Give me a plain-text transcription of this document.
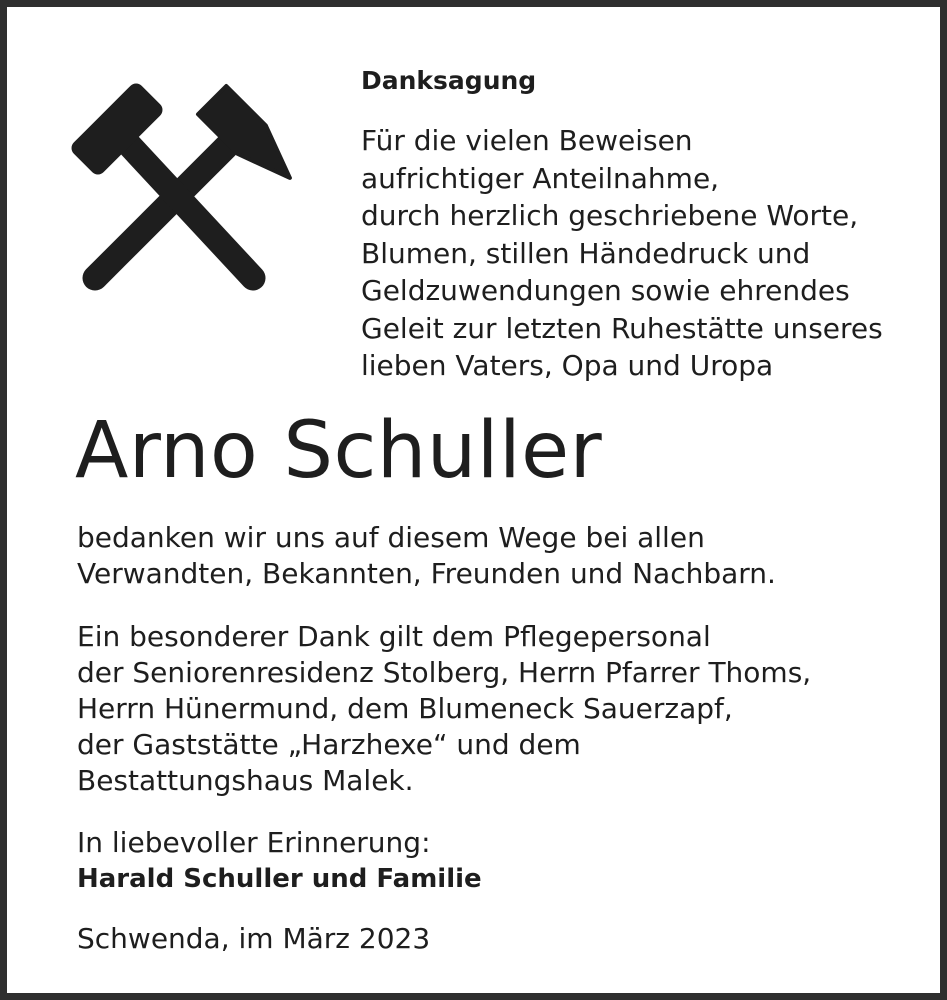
Danksagung
Für die vielen Beweisen
aufrichtiger Anteilnahme,
durch herzlich geschriebene Worte,
Blumen, stillen Händedruck und
Geldzuwendungen sowie ehrendes
Geleit zur letzten Ruhestätte unseres
lieben Vaters, Opa und Uropa
Arno Schuller
bedanken wir uns auf diesem Wege bei allen
Verwandten, Bekannten, Freunden und Nachbarn.
Ein besonderer Dank gilt dem Pflegepersonal
der Seniorenresidenz Stolberg, Herrn Pfarrer Thoms,
Herrn Hünermund, dem Blumeneck Sauerzapf,
der Gaststätte „Harzhexe“ und dem
Bestattungshaus Malek.
In liebevoller Erinnerung:
Harald Schuller und Familie
Schwenda, im März 2023
